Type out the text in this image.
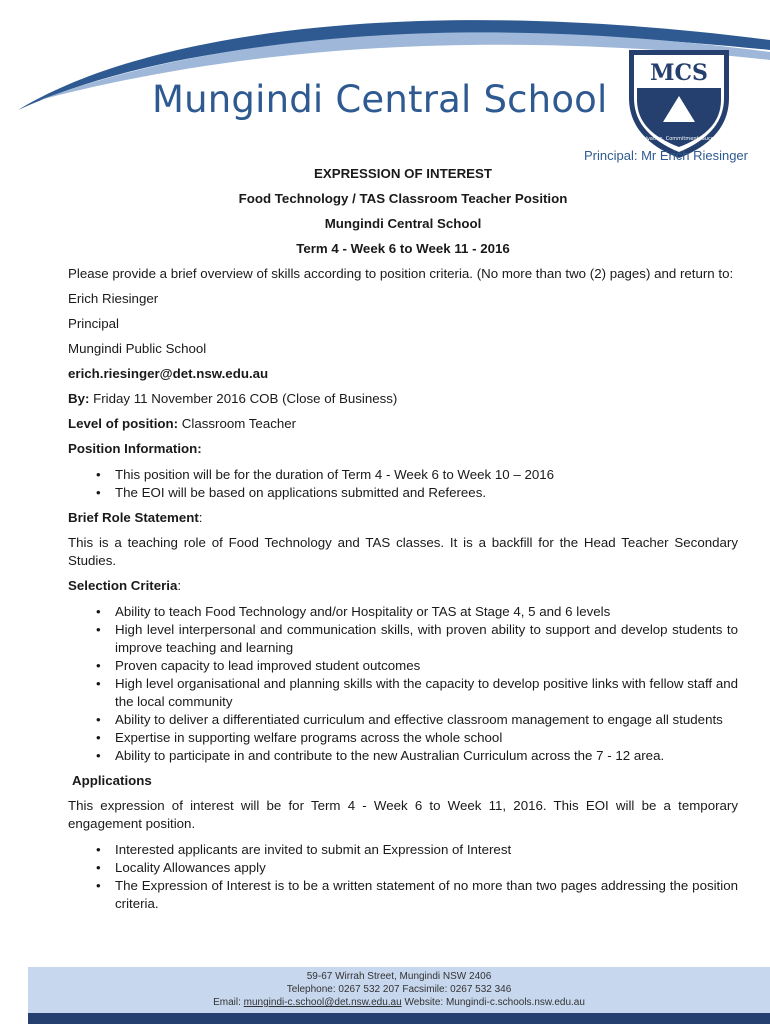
Mungindi Central School
MCS
Motivation, Commitment, Success
Principal: Mr Erich Riesinger

EXPRESSION OF INTEREST

Food Technology / TAS Classroom Teacher Position

Mungindi Central School

Term 4 - Week 6 to Week 11 - 2016

Please provide a brief overview of skills according to position criteria. (No more than two (2) pages) and return to:

Erich Riesinger

Principal

Mungindi Public School

erich.riesinger@det.nsw.edu.au

By: Friday 11 November 2016 COB (Close of Business)

Level of position: Classroom Teacher

Position Information:

• This position will be for the duration of Term 4 - Week 6 to Week 10 – 2016
• The EOI will be based on applications submitted and Referees.

Brief Role Statement:

This is a teaching role of Food Technology and TAS classes. It is a backfill for the Head Teacher Secondary Studies.

Selection Criteria:

• Ability to teach Food Technology and/or Hospitality or TAS at Stage 4, 5 and 6 levels
• High level interpersonal and communication skills, with proven ability to support and develop students to improve teaching and learning
• Proven capacity to lead improved student outcomes
• High level organisational and planning skills with the capacity to develop positive links with fellow staff and the local community
• Ability to deliver a differentiated curriculum and effective classroom management to engage all students
• Expertise in supporting welfare programs across the whole school
• Ability to participate in and contribute to the new Australian Curriculum across the 7 - 12 area.

Applications

This expression of interest will be for Term 4 - Week 6 to Week 11, 2016. This EOI will be a temporary engagement position.

• Interested applicants are invited to submit an Expression of Interest
• Locality Allowances apply
• The Expression of Interest is to be a written statement of no more than two pages addressing the position criteria.
59-67 Wirrah Street, Mungindi NSW 2406
Telephone: 0267 532 207 Facsimile: 0267 532 346
Email: mungindi-c.school@det.nsw.edu.au Website: Mungindi-c.schools.nsw.edu.au
